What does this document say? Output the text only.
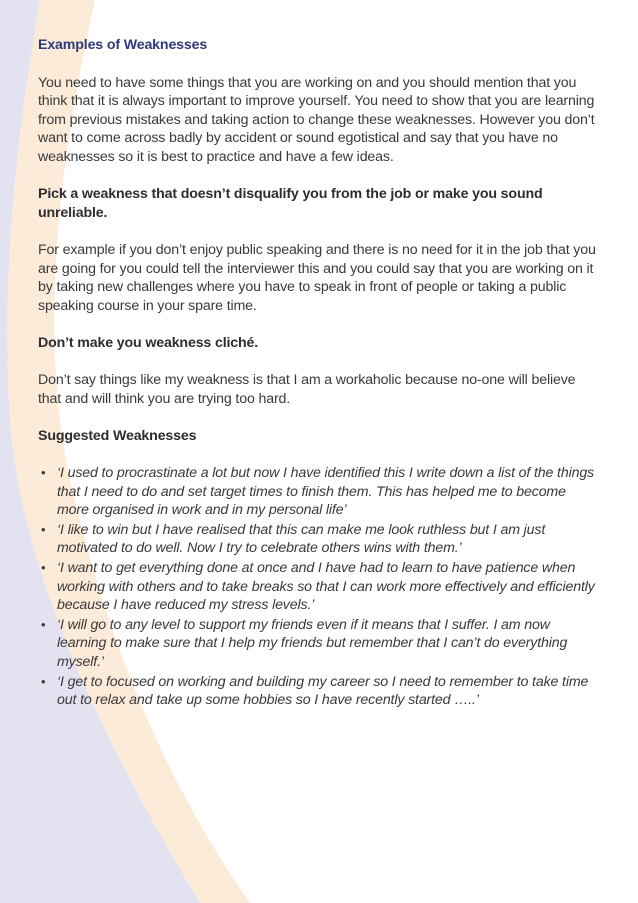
Examples of Weaknesses

You need to have some things that you are working on and you should mention that you think that it is always important to improve yourself. You need to show that you are learning from previous mistakes and taking action to change these weaknesses. However you don’t want to come across badly by accident or sound egotistical and say that you have no weaknesses so it is best to practice and have a few ideas.

Pick a weakness that doesn’t disqualify you from the job or make you sound unreliable.

For example if you don’t enjoy public speaking and there is no need for it in the job that you are going for you could tell the interviewer this and you could say that you are working on it by taking new challenges where you have to speak in front of people or taking a public speaking course in your spare time.

Don’t make you weakness cliché.

Don’t say things like my weakness is that I am a workaholic because no-one will believe that and will think you are trying too hard.

Suggested Weaknesses
• ‘I used to procrastinate a lot but now I have identified this I write down a list of the things that I need to do and set target times to finish them. This has helped me to become more organised in work and in my personal life’
• ‘I like to win but I have realised that this can make me look ruthless but I am just motivated to do well. Now I try to celebrate others wins with them.’
• ‘I want to get everything done at once and I have had to learn to have patience when working with others and to take breaks so that I can work more effectively and efficiently because I have reduced my stress levels.’
• ‘I will go to any level to support my friends even if it means that I suffer. I am now learning to make sure that I help my friends but remember that I can’t do everything myself.’
• ‘I get to focused on working and building my career so I need to remember to take time out to relax and take up some hobbies so I have recently started …..’
